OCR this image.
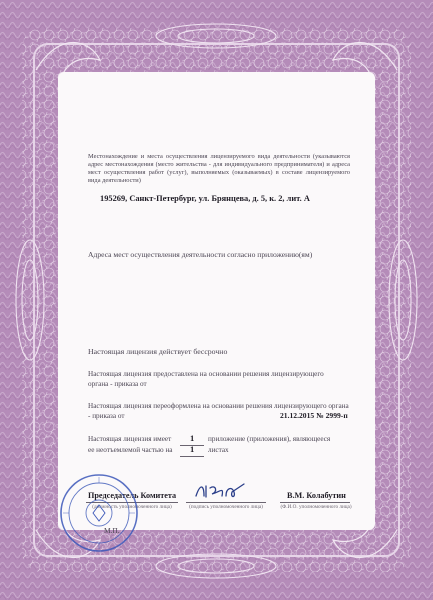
Местонахождение и места осуществления лицензируемого вида деятельности (указываются адрес местонахождения (место жительства - для индивидуального предпринимателя) и адреса мест осуществления работ (услуг), выполняемых (оказываемых) в составе лицензируемого вида деятельности)
195269, Санкт-Петербург, ул. Брянцева, д. 5, к. 2, лит. А
Адреса мест осуществления деятельности согласно приложению(ям)
Настоящая лицензия действует бессрочно
Настоящая лицензия предоставлена на основании решения лицензирующего органа - приказа от
Настоящая лицензия переоформлена на основании решения лицензирующего органа - приказа от	21.12.2015 № 2999-п
Настоящая лицензия имеет 1 приложение (приложения), являющееся
ее неотъемлемой частью на 1 листах
Председатель Комитета
(должность уполномоченного лица)	(подпись уполномоченного лица)
В.М. Колабутин
(Ф.И.О. уполномоченного лица)
М.П.
